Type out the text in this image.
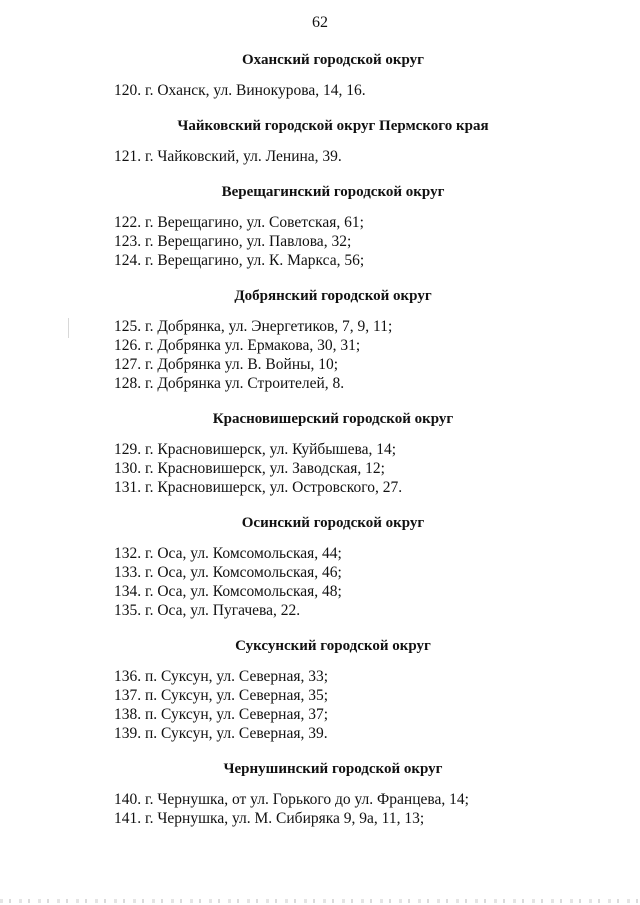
62
Оханский городской округ
120. г. Оханск, ул. Винокурова, 14, 16.
Чайковский городской округ Пермского края
121. г. Чайковский, ул. Ленина, 39.
Верещагинский городской округ
122. г. Верещагино, ул. Советская, 61;
123. г. Верещагино, ул. Павлова, 32;
124. г. Верещагино, ул. К. Маркса, 56;
Добрянский городской округ
125. г. Добрянка, ул. Энергетиков, 7, 9, 11;
126. г. Добрянка ул. Ермакова, 30, 31;
127. г. Добрянка ул. В. Войны, 10;
128. г. Добрянка ул. Строителей, 8.
Красновишерский городской округ
129. г. Красновишерск, ул. Куйбышева, 14;
130. г. Красновишерск, ул. Заводская, 12;
131. г. Красновишерск, ул. Островского, 27.
Осинский городской округ
132. г. Оса, ул. Комсомольская, 44;
133. г. Оса, ул. Комсомольская, 46;
134. г. Оса, ул. Комсомольская, 48;
135. г. Оса, ул. Пугачева, 22.
Суксунский городской округ
136. п. Суксун, ул. Северная, 33;
137. п. Суксун, ул. Северная, 35;
138. п. Суксун, ул. Северная, 37;
139. п. Суксун, ул. Северная, 39.
Чернушинский городской округ
140. г. Чернушка, от ул. Горького до ул. Францева, 14;
141. г. Чернушка, ул. М. Сибиряка 9, 9а, 11, 13;
